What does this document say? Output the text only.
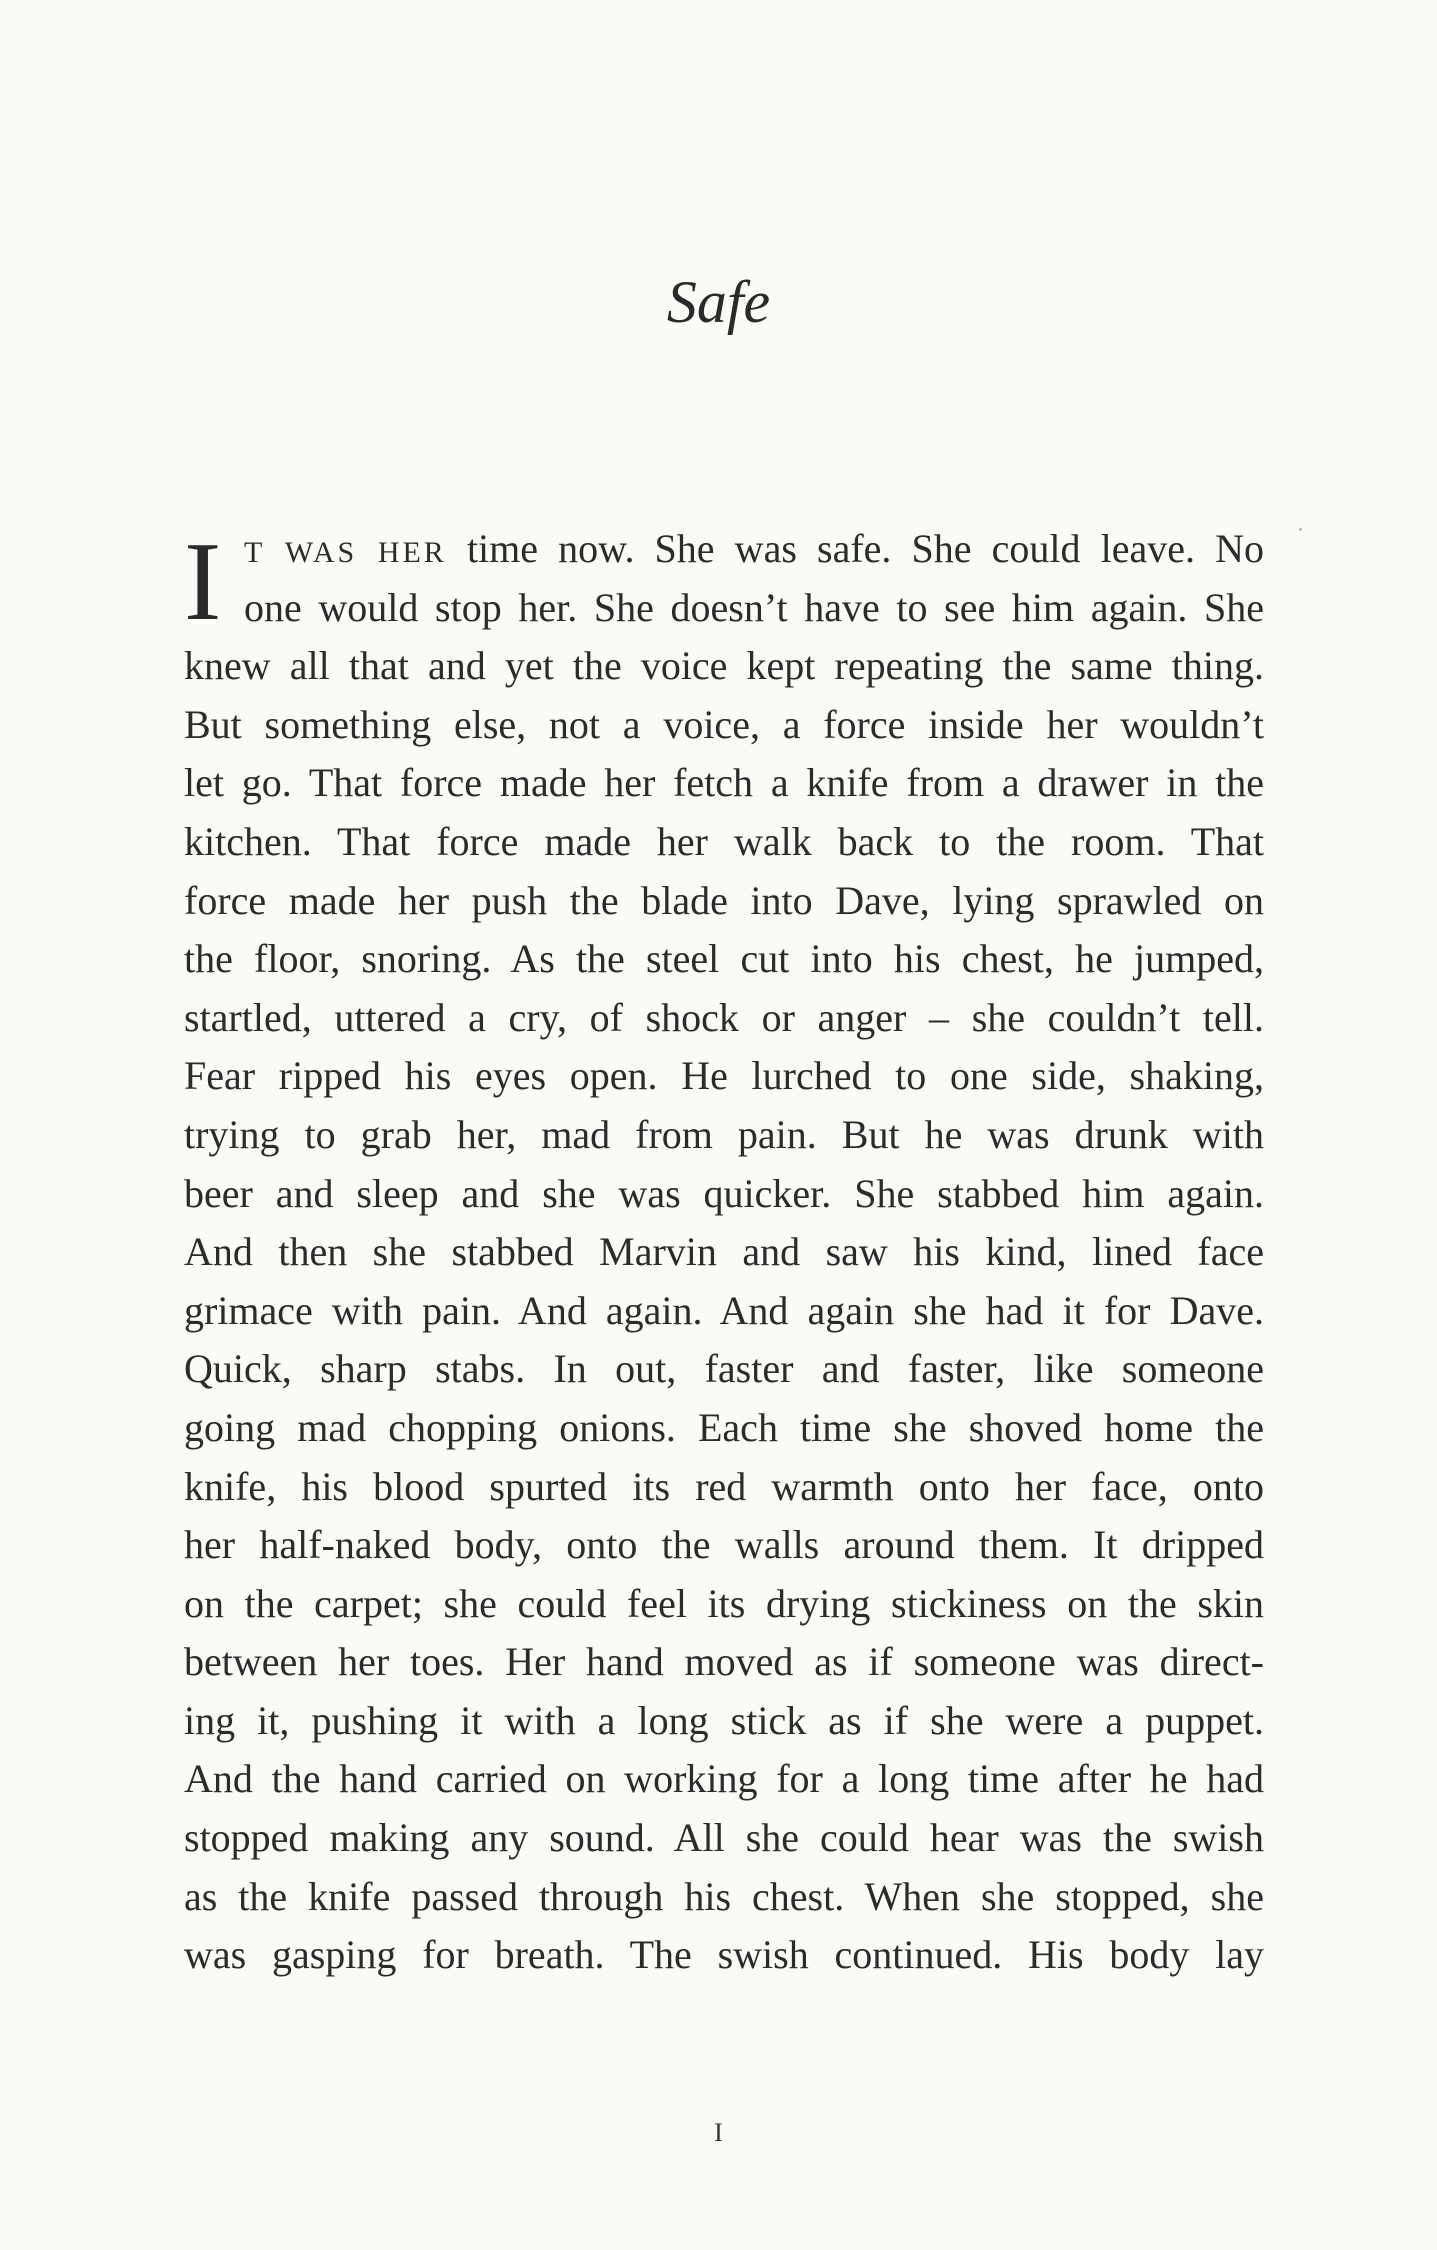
Safe
I T WAS HER time now. She was safe. She could leave. No
one would stop her. She doesn’t have to see him again. She
knew all that and yet the voice kept repeating the same thing.
But something else, not a voice, a force inside her wouldn’t
let go. That force made her fetch a knife from a drawer in the
kitchen. That force made her walk back to the room. That
force made her push the blade into Dave, lying sprawled on
the floor, snoring. As the steel cut into his chest, he jumped,
startled, uttered a cry, of shock or anger – she couldn’t tell.
Fear ripped his eyes open. He lurched to one side, shaking,
trying to grab her, mad from pain. But he was drunk with
beer and sleep and she was quicker. She stabbed him again.
And then she stabbed Marvin and saw his kind, lined face
grimace with pain. And again. And again she had it for Dave.
Quick, sharp stabs. In out, faster and faster, like someone
going mad chopping onions. Each time she shoved home the
knife, his blood spurted its red warmth onto her face, onto
her half-naked body, onto the walls around them. It dripped
on the carpet; she could feel its drying stickiness on the skin
between her toes. Her hand moved as if someone was direct-
ing it, pushing it with a long stick as if she were a puppet.
And the hand carried on working for a long time after he had
stopped making any sound. All she could hear was the swish
as the knife passed through his chest. When she stopped, she
was gasping for breath. The swish continued. His body lay
I
